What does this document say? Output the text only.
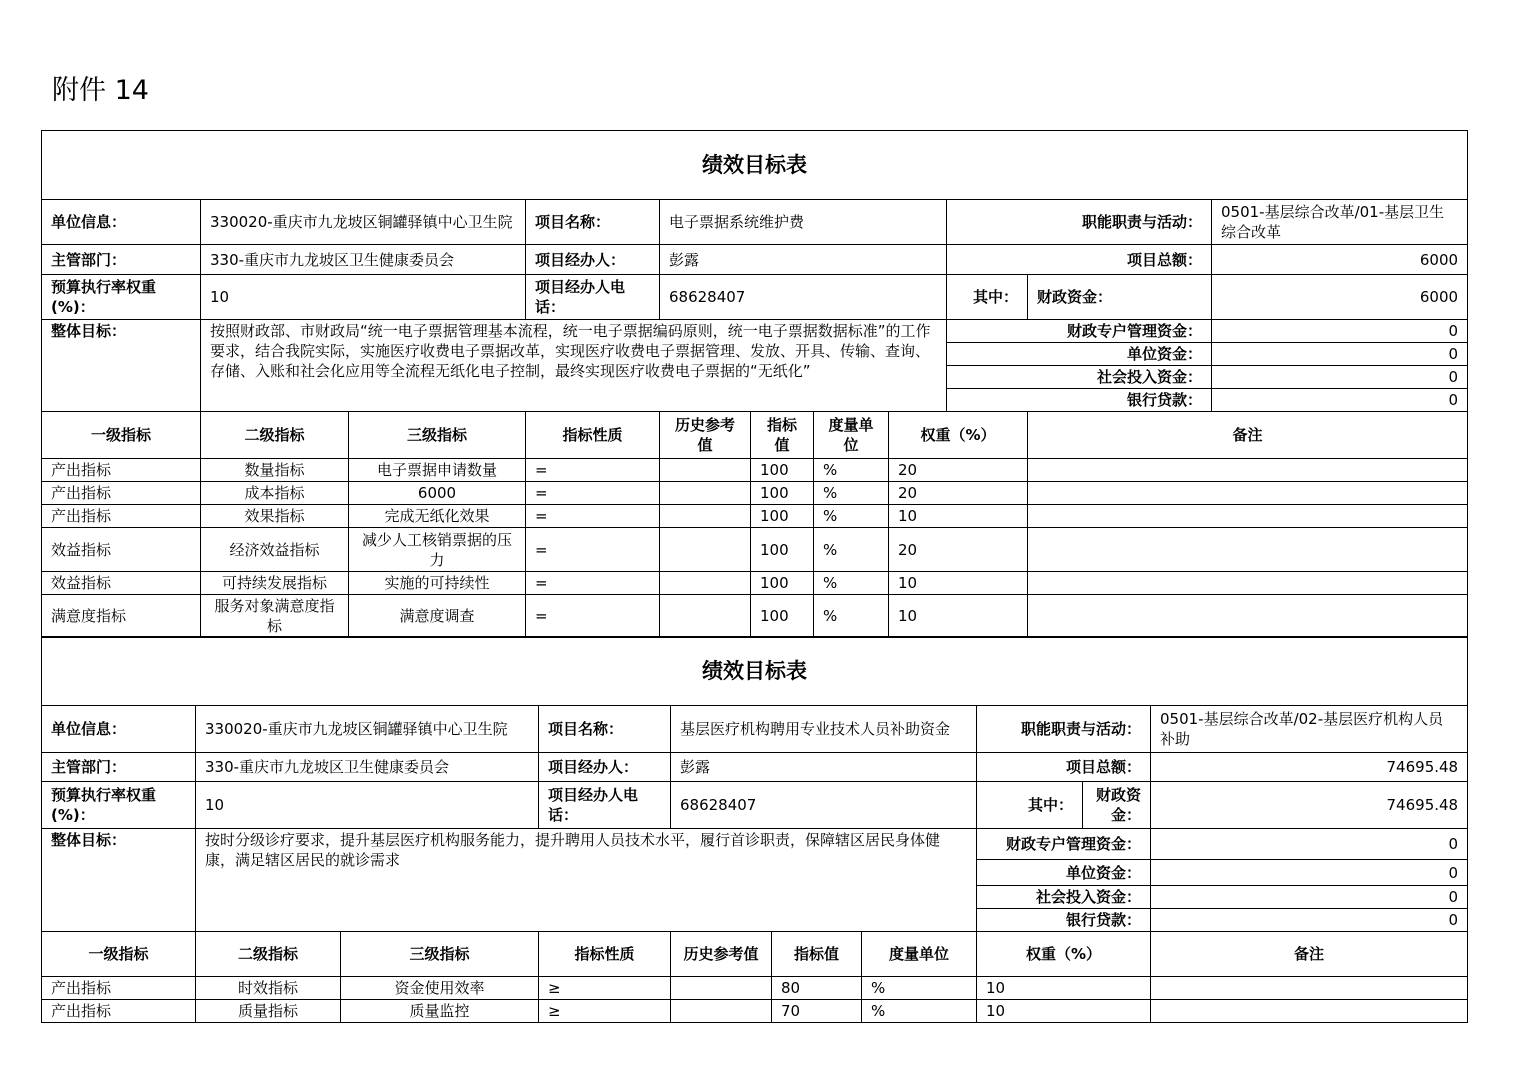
附件 14
绩效目标表										
单位信息：	330020-重庆市九龙坡区铜罐驿镇中心卫生院		项目名称：	电子票据系统维护费				职能职责与活动：		0501-基层综合改革/01-基层卫生综合改革
主管部门：	330-重庆市九龙坡区卫生健康委员会		项目经办人：	彭露				项目总额：		6000
预算执行率权重(%)：	10		项目经办人电话：	68628407				其中：	财政资金：	6000
整体目标：	按照财政部、市财政局“统一电子票据管理基本流程，统一电子票据编码原则，统一电子票据数据标准”的工作要求，结合我院实际，实施医疗收费电子票据改革，实现医疗收费电子票据管理、发放、开具、传输、查询、存储、入账和社会化应用等全流程无纸化电子控制，最终实现医疗收费电子票据的“无纸化”							财政专户管理资金：		0
								单位资金：		0
								社会投入资金：		0
								银行贷款：		0
一级指标	二级指标	三级指标	指标性质	历史参考值	指标值	度量单位	权重（%）		备注	
产出指标	数量指标	电子票据申请数量	=		100	%	20			
产出指标	成本指标	6000	=		100	%	20			
产出指标	效果指标	完成无纸化效果	=		100	%	10			
效益指标	经济效益指标	减少人工核销票据的压力	=		100	%	20			
效益指标	可持续发展指标	实施的可持续性	=		100	%	10			
满意度指标	服务对象满意度指标	满意度调查	=		100	%	10			
绩效目标表									
单位信息：	330020-重庆市九龙坡区铜罐驿镇中心卫生院		项目名称：	基层医疗机构聘用专业技术人员补助资金			职能职责与活动：		0501-基层综合改革/02-基层医疗机构人员补助
主管部门：	330-重庆市九龙坡区卫生健康委员会		项目经办人：	彭露			项目总额：		74695.48
预算执行率权重(%)：	10		项目经办人电话：	68628407			其中：	财政资金：	74695.48
整体目标：	按时分级诊疗要求，提升基层医疗机构服务能力，提升聘用人员技术水平，履行首诊职责，保障辖区居民身体健康，满足辖区居民的就诊需求						财政专户管理资金：		0
							单位资金：		0
							社会投入资金：		0
							银行贷款：		0
一级指标	二级指标	三级指标	指标性质	历史参考值	指标值	度量单位	权重（%）		备注
产出指标	时效指标	资金使用效率	≥		80	%	10		
产出指标	质量指标	质量监控	≥		70	%	10		
